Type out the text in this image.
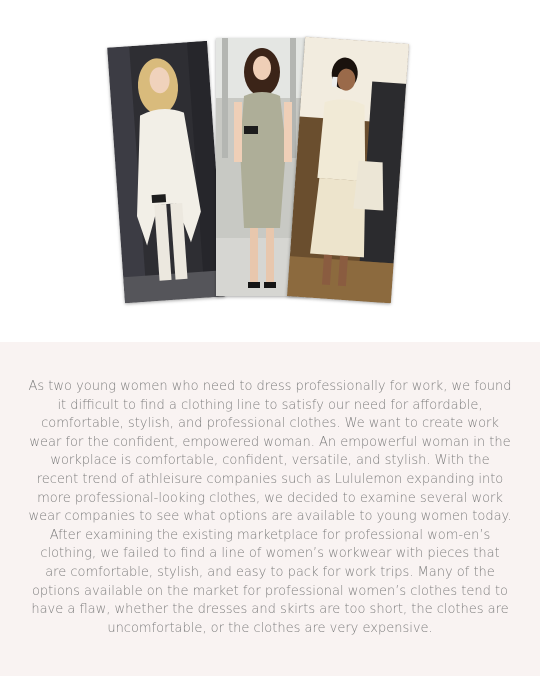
As two young women who need to dress professionally for work, we found it difficult to find a clothing line to satisfy our need for affordable, comfortable, stylish, and professional clothes. We want to create work wear for the confident, empowered woman. An empowerful woman in the workplace is comfortable, confident, versatile, and stylish. With the recent trend of athleisure companies such as Lululemon expanding into more professional-looking clothes, we decided to examine several work wear companies to see what options are available to young women today. After examining the existing marketplace for professional wom-en’s clothing, we failed to find a line of women’s workwear with pieces that are comfortable, stylish, and easy to pack for work trips. Many of the options available on the market for professional women’s clothes tend to have a flaw, whether the dresses and skirts are too short, the clothes are uncomfortable, or the clothes are very expensive.
